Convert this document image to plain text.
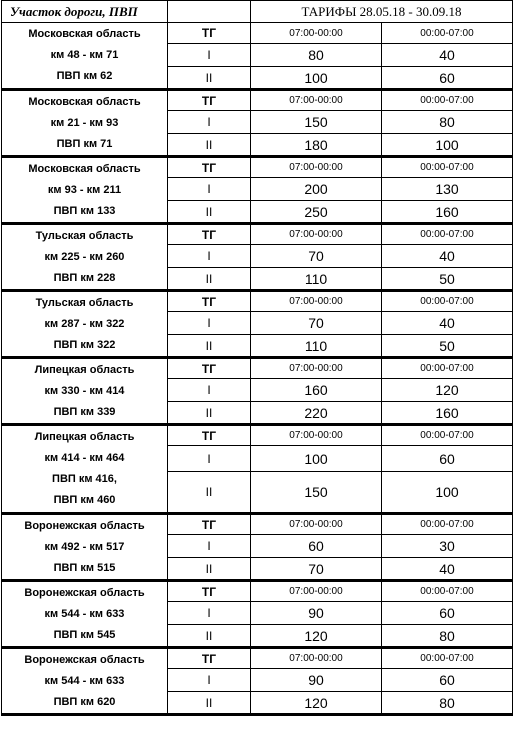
Участок дороги, ПВП		ТАРИФЫ 28.05.18 - 30.09.18	

Московская область
км 48 - км 71
ПВП км 62	ТГ	07:00-00:00	00:00-07:00
	I	80	40
	II	100	60

Московская область
км 21 - км 93
ПВП км 71	ТГ	07:00-00:00	00:00-07:00
	I	150	80
	II	180	100

Московская область
км 93 - км 211
ПВП км 133	ТГ	07:00-00:00	00:00-07:00
	I	200	130
	II	250	160

Тульская область
км 225 - км 260
ПВП км 228	ТГ	07:00-00:00	00:00-07:00
	I	70	40
	II	110	50

Тульская область
км 287 - км 322
ПВП км 322	ТГ	07:00-00:00	00:00-07:00
	I	70	40
	II	110	50

Липецкая область
км 330 - км 414
ПВП км 339	ТГ	07:00-00:00	00:00-07:00
	I	160	120
	II	220	160

Липецкая область
км 414 - км 464
ПВП км 416,
ПВП км 460	ТГ	07:00-00:00	00:00-07:00
	I	100	60
	II	150	100

Воронежская область
км 492 - км 517
ПВП км 515	ТГ	07:00-00:00	00:00-07:00
	I	60	30
	II	70	40

Воронежская область
км 544 - км 633
ПВП км 545	ТГ	07:00-00:00	00:00-07:00
	I	90	60
	II	120	80

Воронежская область
км 544 - км 633
ПВП км 620	ТГ	07:00-00:00	00:00-07:00
	I	90	60
	II	120	80
